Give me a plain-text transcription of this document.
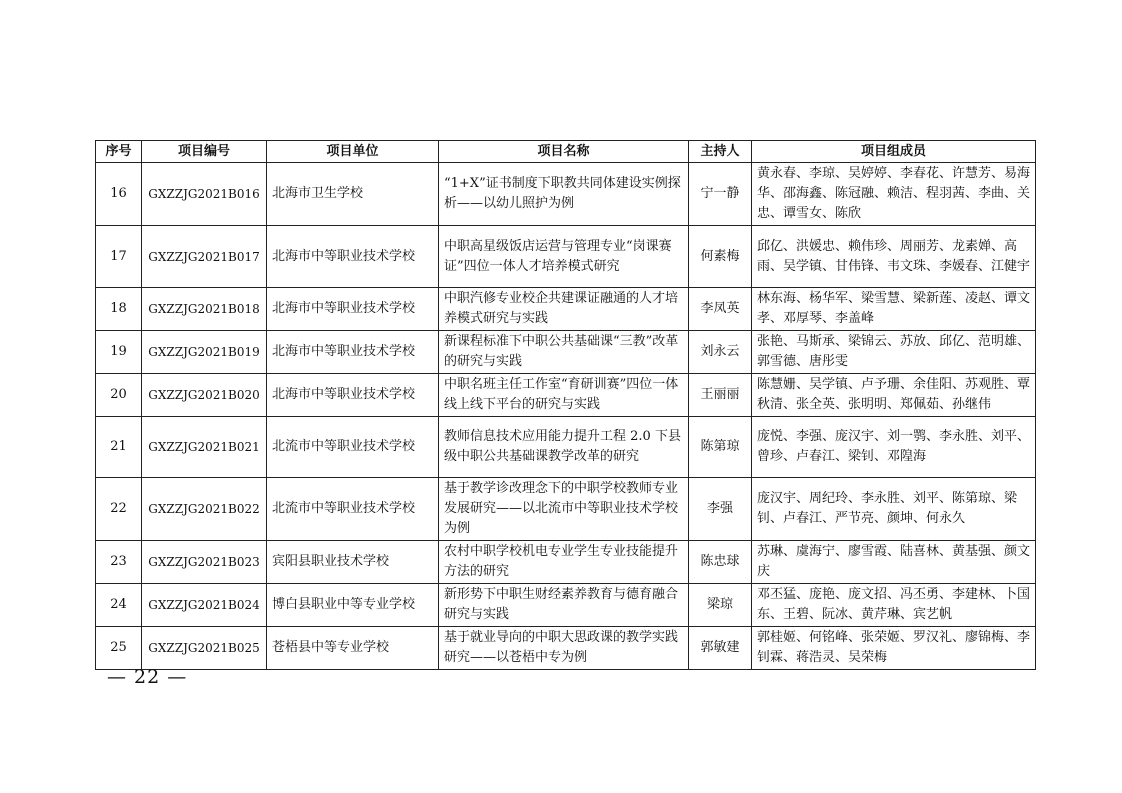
序号	项目编号	项目单位	项目名称	主持人	项目组成员
16	GXZZJG2021B016	北海市卫生学校	“1+X”证书制度下职教共同体建设实例探析——以幼儿照护为例	宁一静	黄永春、李琼、吴婷婷、李春花、许慧芳、易海华、邵海鑫、陈冠融、赖洁、程羽茜、李曲、关忠、谭雪女、陈欣
17	GXZZJG2021B017	北海市中等职业技术学校	中职高星级饭店运营与管理专业“岗课赛证”四位一体人才培养模式研究	何素梅	邱亿、洪媛忠、赖伟珍、周丽芳、龙素婵、高雨、吴学镇、甘伟锋、韦文珠、李媛春、江健宇
18	GXZZJG2021B018	北海市中等职业技术学校	中职汽修专业校企共建课证融通的人才培养模式研究与实践	李凤英	林东海、杨华军、梁雪慧、梁新莲、凌赵、谭文孝、邓厚琴、李盖峰
19	GXZZJG2021B019	北海市中等职业技术学校	新课程标准下中职公共基础课“三教”改革的研究与实践	刘永云	张艳、马斯承、梁锦云、苏放、邱亿、范明雄、郭雪德、唐彤雯
20	GXZZJG2021B020	北海市中等职业技术学校	中职名班主任工作室“育研训赛”四位一体线上线下平台的研究与实践	王丽丽	陈慧姗、吴学镇、卢予珊、余佳阳、苏观胜、覃秋清、张全英、张明明、郑佩茹、孙继伟
21	GXZZJG2021B021	北流市中等职业技术学校	教师信息技术应用能力提升工程 2.0 下县级中职公共基础课教学改革的研究	陈第琼	庞悦、李强、庞汉宇、刘一鹗、李永胜、刘平、曾珍、卢春江、梁钊、邓隍海
22	GXZZJG2021B022	北流市中等职业技术学校	基于教学诊改理念下的中职学校教师专业发展研究——以北流市中等职业技术学校为例	李强	庞汉宇、周纪玲、李永胜、刘平、陈第琼、梁钊、卢春江、严节亮、颜坤、何永久
23	GXZZJG2021B023	宾阳县职业技术学校	农村中职学校机电专业学生专业技能提升方法的研究	陈忠球	苏琳、虞海宁、廖雪霞、陆喜林、黄基强、颜文庆
24	GXZZJG2021B024	博白县职业中等专业学校	新形势下中职生财经素养教育与德育融合研究与实践	梁琼	邓丕猛、庞艳、庞文招、冯丕勇、李建林、卜国东、王碧、阮冰、黄芹琳、宾艺帆
25	GXZZJG2021B025	苍梧县中等专业学校	基于就业导向的中职大思政课的教学实践研究——以苍梧中专为例	郭敏建	郭桂姬、何铭峰、张荣姬、罗汉礼、廖锦梅、李钊霖、蒋浩灵、吴荣梅
— 22 —
